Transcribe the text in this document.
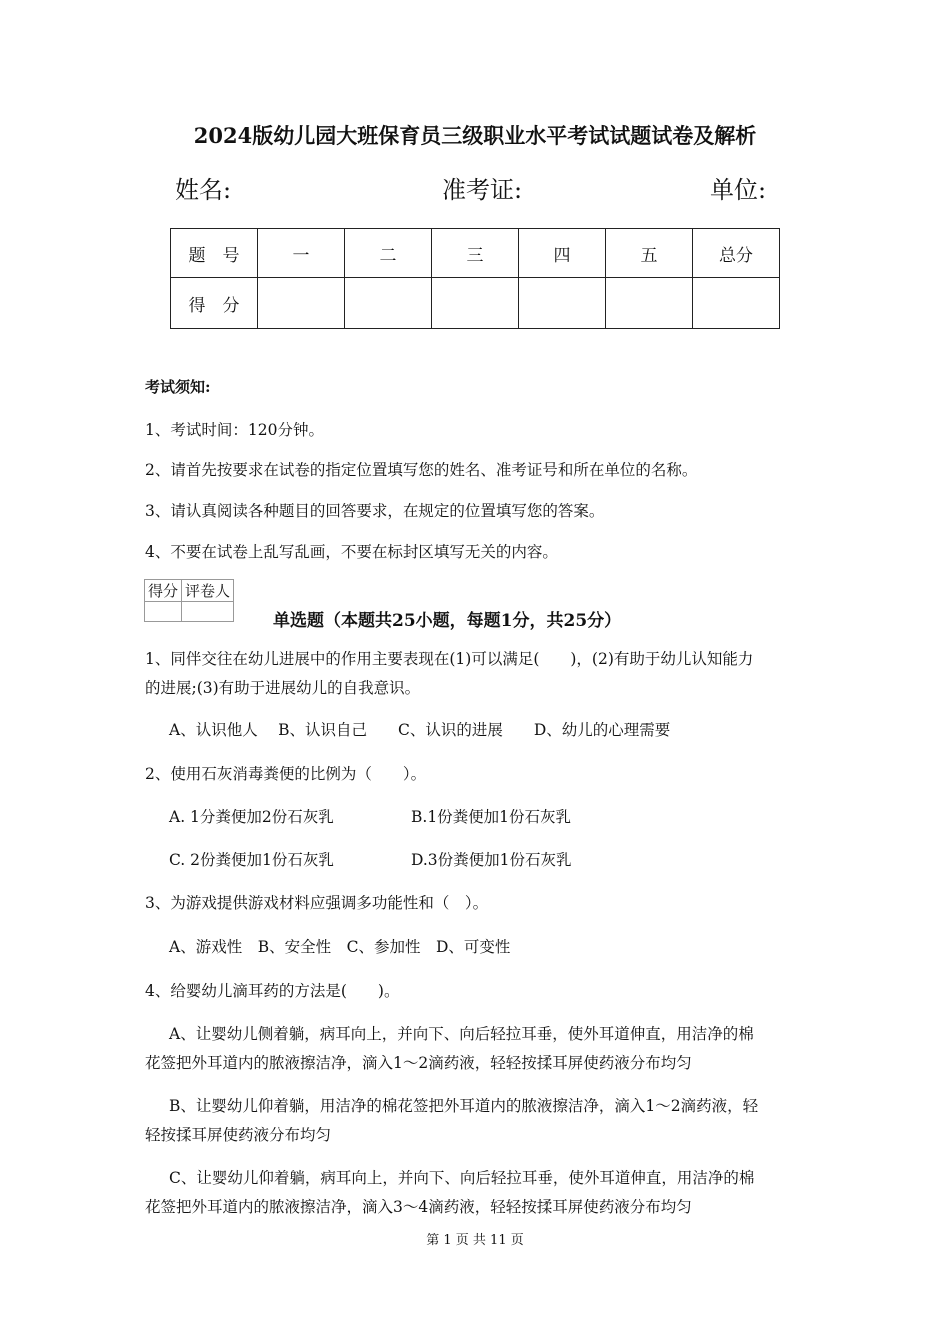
2024版幼儿园大班保育员三级职业水平考试试题试卷及解析
姓名:	准考证:	单位:
题　号	一	二	三	四	五	总分
得　分						
考试须知:
1、考试时间：120分钟。
2、请首先按要求在试卷的指定位置填写您的姓名、准考证号和所在单位的名称。
3、请认真阅读各种题目的回答要求，在规定的位置填写您的答案。
4、不要在试卷上乱写乱画，不要在标封区填写无关的内容。
得分	评卷人

单选题（本题共25小题，每题1分，共25分）
1、同伴交往在幼儿进展中的作用主要表现在(1)可以满足(　　)，(2)有助于幼儿认知能力
的进展;(3)有助于进展幼儿的自我意识。
A、认识他人　 B、认识自己　　C、认识的进展　　D、幼儿的心理需要
2、使用石灰消毒粪便的比例为（　　）。
A. 1分粪便加2份石灰乳	B.1份粪便加1份石灰乳
C. 2份粪便加1份石灰乳	D.3份粪便加1份石灰乳
3、为游戏提供游戏材料应强调多功能性和（　）。
A、游戏性　B、安全性　C、参加性　D、可变性
4、给婴幼儿滴耳药的方法是(　　)。
A、让婴幼儿侧着躺，病耳向上，并向下、向后轻拉耳垂，使外耳道伸直，用洁净的棉
花签把外耳道内的脓液擦洁净，滴入1～2滴药液，轻轻按揉耳屏使药液分布均匀
B、让婴幼儿仰着躺，用洁净的棉花签把外耳道内的脓液擦洁净，滴入1～2滴药液，轻
轻按揉耳屏使药液分布均匀
C、让婴幼儿仰着躺，病耳向上，并向下、向后轻拉耳垂，使外耳道伸直，用洁净的棉
花签把外耳道内的脓液擦洁净，滴入3～4滴药液，轻轻按揉耳屏使药液分布均匀
第 1 页 共 11 页
